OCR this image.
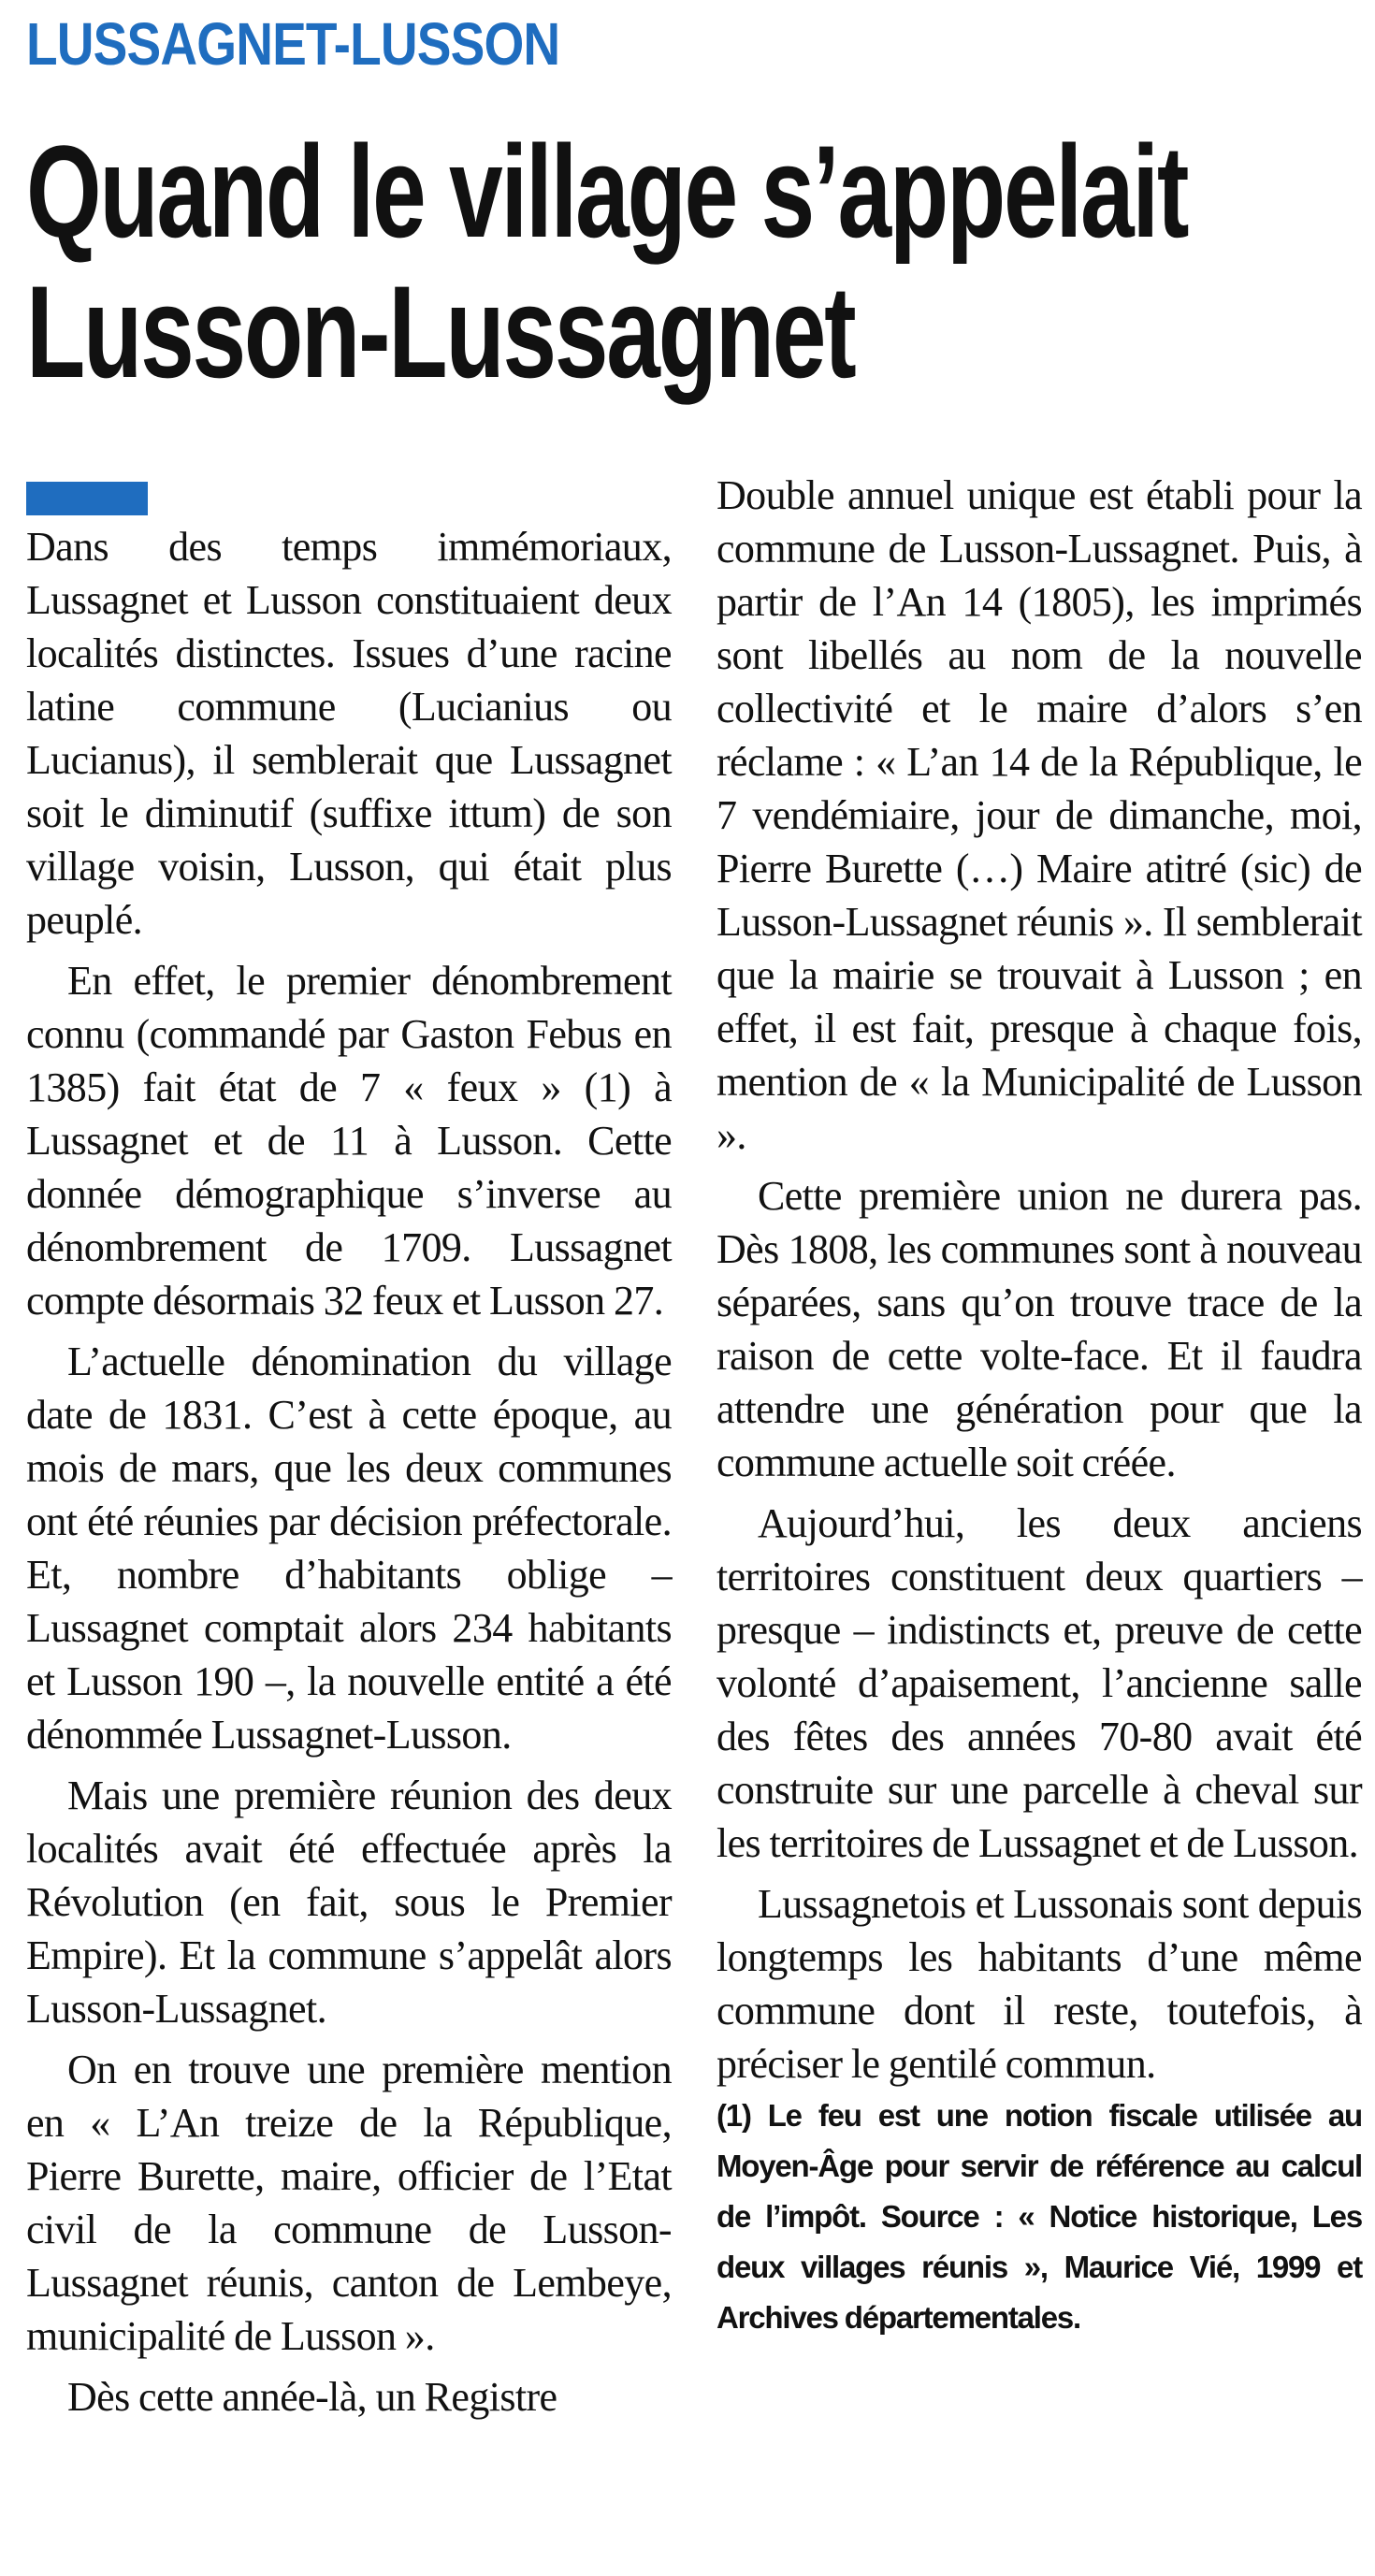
LUSSAGNET-LUSSON
Quand le village s’appelait
Lusson-Lussagnet

Dans des temps immémoriaux, Lussagnet et Lusson constituaient deux localités distinctes. Issues d’une racine latine commune (Lucianius ou Lucianus), il semblerait que Lussagnet soit le diminutif (suffixe ittum) de son village voisin, Lusson, qui était plus peuplé.

En effet, le premier dénombrement connu (commandé par Gaston Febus en 1385) fait état de 7 « feux » (1) à Lussagnet et de 11 à Lusson. Cette donnée démographique s’inverse au dénombrement de 1709. Lussagnet compte désormais 32 feux et Lusson 27.

L’actuelle dénomination du village date de 1831. C’est à cette époque, au mois de mars, que les deux communes ont été réunies par décision préfectorale. Et, nombre d’habitants oblige – Lussagnet comptait alors 234 habitants et Lusson 190 –, la nouvelle entité a été dénommée Lussagnet-Lusson.

Mais une première réunion des deux localités avait été effectuée après la Révolution (en fait, sous le Premier Empire). Et la commune s’appelât alors Lusson-Lussagnet.

On en trouve une première mention en « L’An treize de la République, Pierre Burette, maire, officier de l’Etat civil de la commune de Lusson-Lussagnet réunis, canton de Lembeye, municipalité de Lusson ».

Dès cette année-là, un Registre

Double annuel unique est établi pour la commune de Lusson-Lussagnet. Puis, à partir de l’An 14 (1805), les imprimés sont libellés au nom de la nouvelle collectivité et le maire d’alors s’en réclame : « L’an 14 de la République, le 7 vendémiaire, jour de dimanche, moi, Pierre Burette (…) Maire atitré (sic) de Lusson-Lussagnet réunis ». Il semblerait que la mairie se trouvait à Lusson ; en effet, il est fait, presque à chaque fois, mention de « la Municipalité de Lusson ».

Cette première union ne durera pas. Dès 1808, les communes sont à nouveau séparées, sans qu’on trouve trace de la raison de cette volte-face. Et il faudra attendre une génération pour que la commune actuelle soit créée.

Aujourd’hui, les deux anciens territoires constituent deux quartiers – presque – indistincts et, preuve de cette volonté d’apaisement, l’ancienne salle des fêtes des années 70-80 avait été construite sur une parcelle à cheval sur les territoires de Lussagnet et de Lusson.

Lussagnetois et Lussonais sont depuis longtemps les habitants d’une même commune dont il reste, toutefois, à préciser le gentilé commun.

(1) Le feu est une notion fiscale utilisée au Moyen-Âge pour servir de référence au calcul de l’impôt. Source : « Notice historique, Les deux villages réunis », Maurice Vié, 1999 et Archives départementales.
